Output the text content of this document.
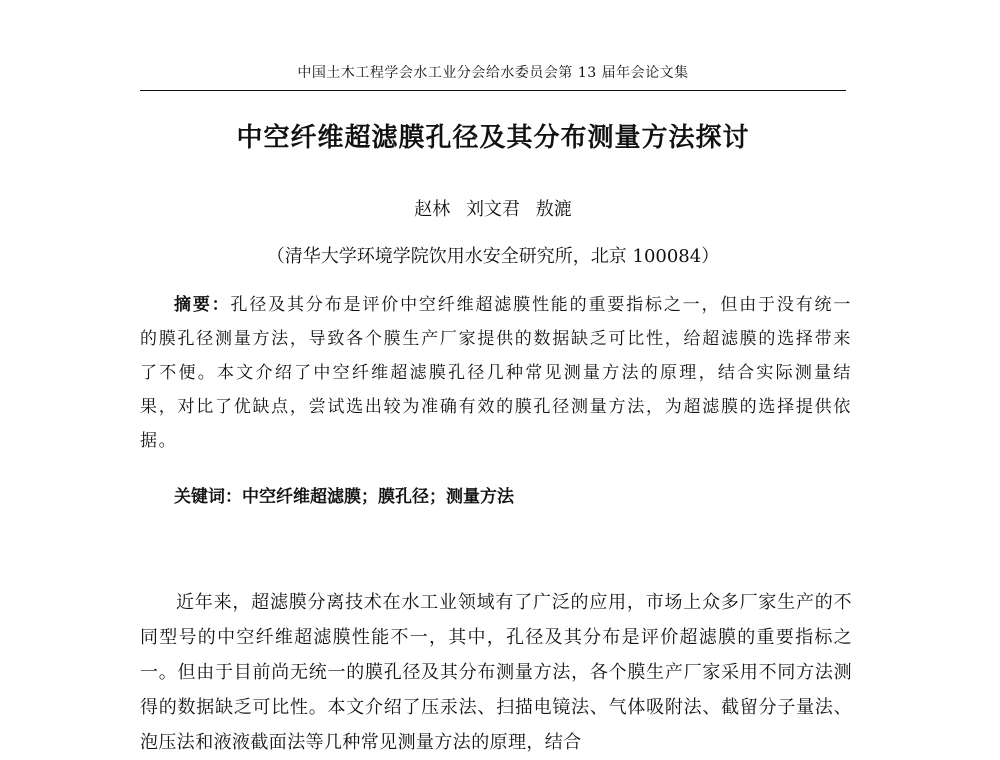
中国土木工程学会水工业分会给水委员会第 13 届年会论文集
中空纤维超滤膜孔径及其分布测量方法探讨
赵林 刘文君 敖漉
（清华大学环境学院饮用水安全研究所，北京 100084）
摘要：孔径及其分布是评价中空纤维超滤膜性能的重要指标之一，但由于没有统一的膜孔径测量方法，导致各个膜生产厂家提供的数据缺乏可比性，给超滤膜的选择带来了不便。本文介绍了中空纤维超滤膜孔径几种常见测量方法的原理，结合实际测量结果，对比了优缺点，尝试选出较为准确有效的膜孔径测量方法，为超滤膜的选择提供依据。
关键词：中空纤维超滤膜；膜孔径；测量方法
近年来，超滤膜分离技术在水工业领域有了广泛的应用，市场上众多厂家生产的不同型号的中空纤维超滤膜性能不一，其中，孔径及其分布是评价超滤膜的重要指标之一。但由于目前尚无统一的膜孔径及其分布测量方法，各个膜生产厂家采用不同方法测得的数据缺乏可比性。本文介绍了压汞法、扫描电镜法、气体吸附法、截留分子量法、泡压法和液液截面法等几种常见测量方法的原理，结合
